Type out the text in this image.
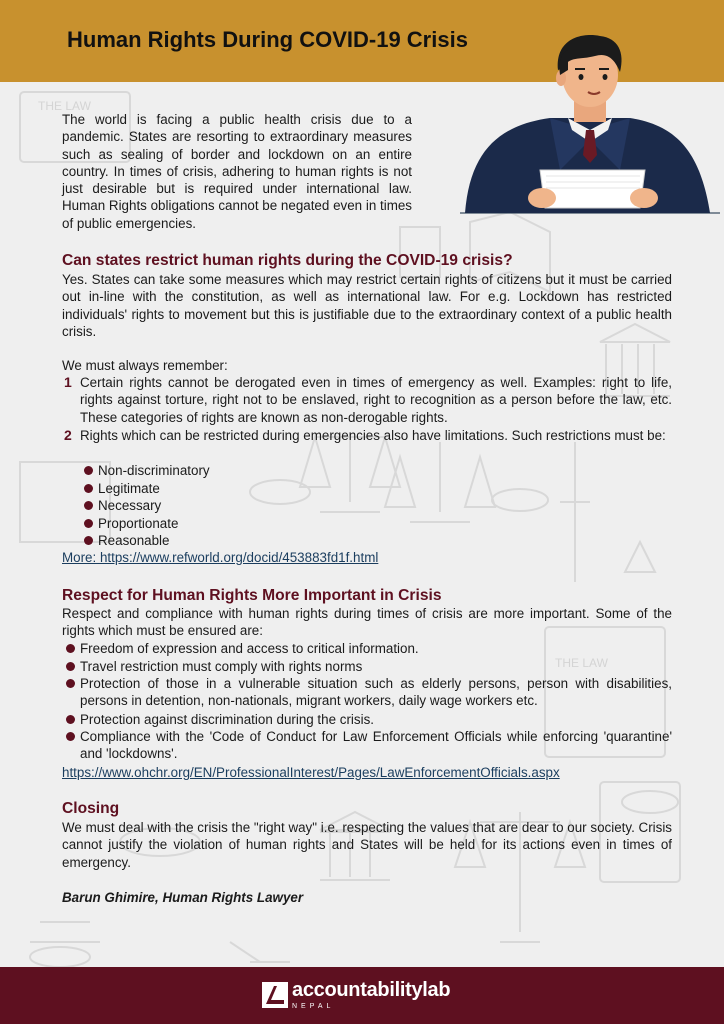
Human Rights During COVID-19 Crisis
THE LAW
THE LAW
The world is facing a public health crisis due to a pandemic. States are resorting to extraordinary measures such as sealing of border and lockdown on an entire country. In times of crisis, adhering to human rights is not just desirable but is required under international law. Human Rights obligations cannot be negated even in times of public emergencies.
Can states restrict human rights during the COVID-19 crisis?
Yes. States can take some measures which may restrict certain rights of citizens but it must be carried out in-line with the constitution, as well as international law. For e.g. Lockdown has restricted individuals' rights to movement but this is justifiable due to the extraordinary context of a public health crisis.
We must always remember:
1 Certain rights cannot be derogated even in times of emergency as well. Examples: right to life, rights against torture, right not to be enslaved, right to recognition as a person before the law, etc. These categories of rights are known as non-derogable rights.
2 Rights which can be restricted during emergencies also have limitations. Such restrictions must be:
Non-discriminatory
Legitimate
Necessary
Proportionate
Reasonable
More: https://www.refworld.org/docid/453883fd1f.html
Respect for Human Rights More Important in Crisis
Respect and compliance with human rights during times of crisis are more important. Some of the rights which must be ensured are:
Freedom of expression and access to critical information.
Travel restriction must comply with rights norms
Protection of those in a vulnerable situation such as elderly persons, person with disabilities, persons in detention, non-nationals, migrant workers, daily wage workers etc.
Protection against discrimination during the crisis.
Compliance with the 'Code of Conduct for Law Enforcement Officials while enforcing 'quarantine' and 'lockdowns'.
https://www.ohchr.org/EN/ProfessionalInterest/Pages/LawEnforcementOfficials.aspx
Closing
We must deal with the crisis the "right way" i.e. respecting the values that are dear to our society. Crisis cannot justify the violation of human rights and States will be held for its actions even in times of emergency.
Barun Ghimire, Human Rights Lawyer
accountabilitylab
NEPAL
